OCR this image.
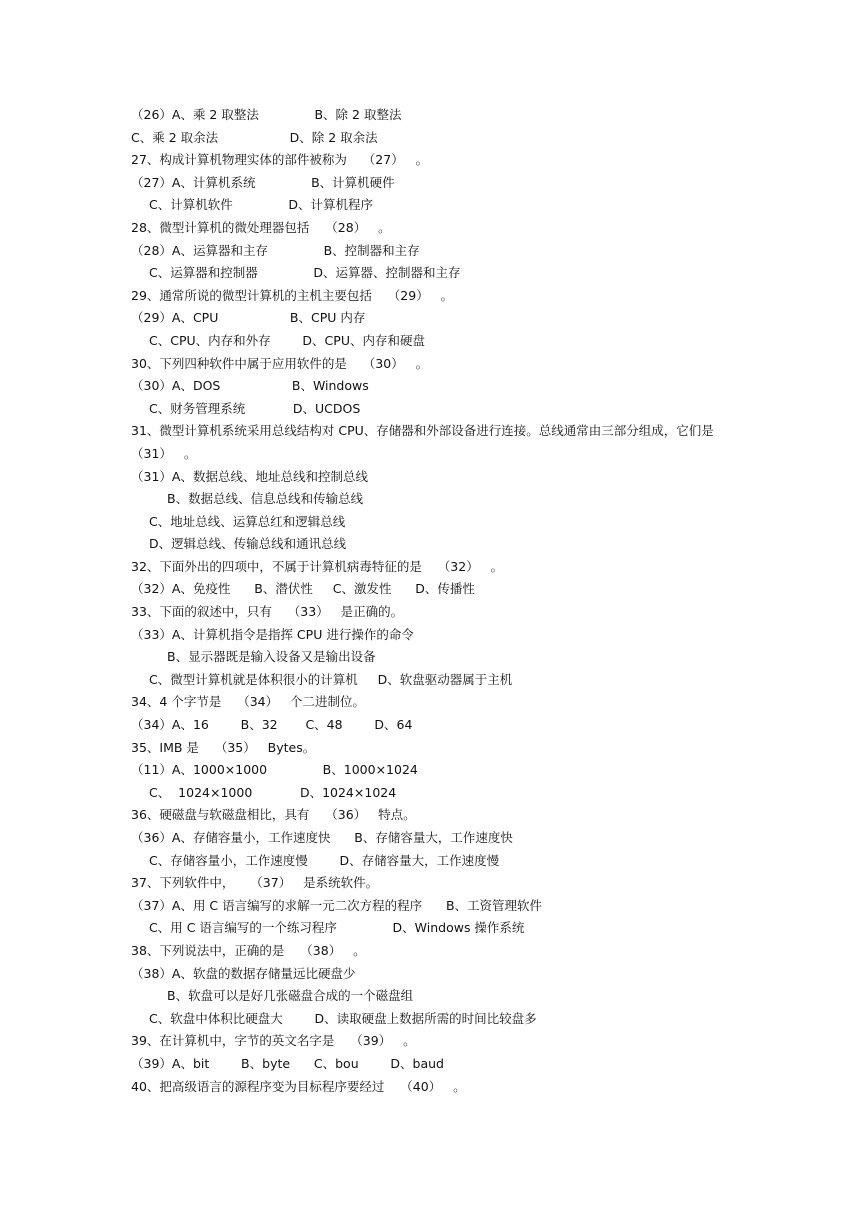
（26）A、乘 2 取整法              B、除 2 取整法
C、乘 2 取余法                  D、除 2 取余法
27、构成计算机物理实体的部件被称为    （27）   。
（27）A、计算机系统              B、计算机硬件
C、计算机软件              D、计算机程序
28、微型计算机的微处理器包括    （28）   。
（28）A、运算器和主存              B、控制器和主存
C、运算器和控制器              D、运算器、控制器和主存
29、通常所说的微型计算机的主机主要包括    （29）   。
（29）A、CPU                  B、CPU 内存
C、CPU、内存和外存        D、CPU、内存和硬盘
30、下列四种软件中属于应用软件的是    （30）   。
（30）A、DOS                  B、Windows
C、财务管理系统            D、UCDOS
31、微型计算机系统采用总线结构对 CPU、存储器和外部设备进行连接。总线通常由三部分组成，它们是
（31）   。
（31）A、数据总线、地址总线和控制总线
B、数据总线、信息总线和传输总线
C、地址总线、运算总红和逻辑总线
D、逻辑总线、传输总线和通讯总线
32、下面外出的四项中，不属于计算机病毒特征的是    （32）   。
（32）A、免疫性      B、潜伏性     C、激发性      D、传播性
33、下面的叙述中，只有    （33）   是正确的。
（33）A、计算机指令是指挥 CPU 进行操作的命令
B、显示器既是输入设备又是输出设备
C、微型计算机就是体积很小的计算机     D、软盘驱动器属于主机
34、4 个字节是    （34）   个二进制位。
（34）A、16        B、32       C、48        D、64
35、IMB 是    （35）   Bytes。
（11）A、1000×1000              B、1000×1024
C、  1024×1000            D、1024×1024
36、硬磁盘与软磁盘相比，具有    （36）   特点。
（36）A、存储容量小，工作速度快      B、存储容量大，工作速度快
C、存储容量小，工作速度慢        D、存储容量大，工作速度慢
37、下列软件中，    （37）   是系统软件。
（37）A、用 C 语言编写的求解一元二次方程的程序      B、工资管理软件
C、用 C 语言编写的一个练习程序              D、Windows 操作系统
38、下列说法中，正确的是    （38）   。
（38）A、软盘的数据存储量远比硬盘少
B、软盘可以是好几张磁盘合成的一个磁盘组
C、软盘中体积比硬盘大        D、读取硬盘上数据所需的时间比较盘多
39、在计算机中，字节的英文名字是    （39）   。
（39）A、bit        B、byte      C、bou        D、baud
40、把高级语言的源程序变为目标程序要经过    （40）   。
